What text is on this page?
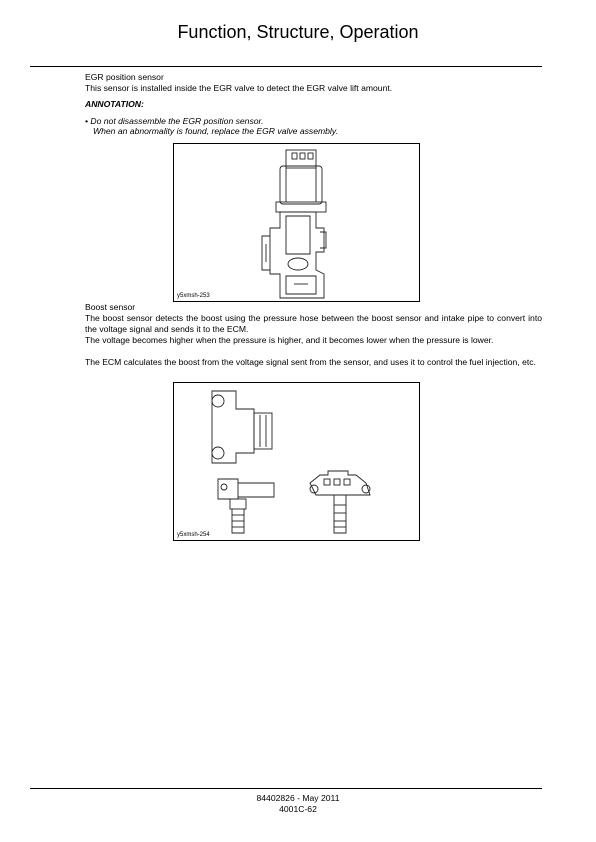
Function, Structure, Operation
EGR position sensor
This sensor is installed inside the EGR valve to detect the EGR valve lift amount.
ANNOTATION:
• Do not disassemble the EGR position sensor.
When an abnormality is found, replace the EGR valve assembly.
y5xmsh-253
Boost sensor
The boost sensor detects the boost using the pressure hose between the boost sensor and intake pipe to convert into the voltage signal and sends it to the ECM.
The voltage becomes higher when the pressure is higher, and it becomes lower when the pressure is lower.
The ECM calculates the boost from the voltage signal sent from the sensor, and uses it to control the fuel injection, etc.
y5xmsh-254
84402826 - May 2011
4001C-62
